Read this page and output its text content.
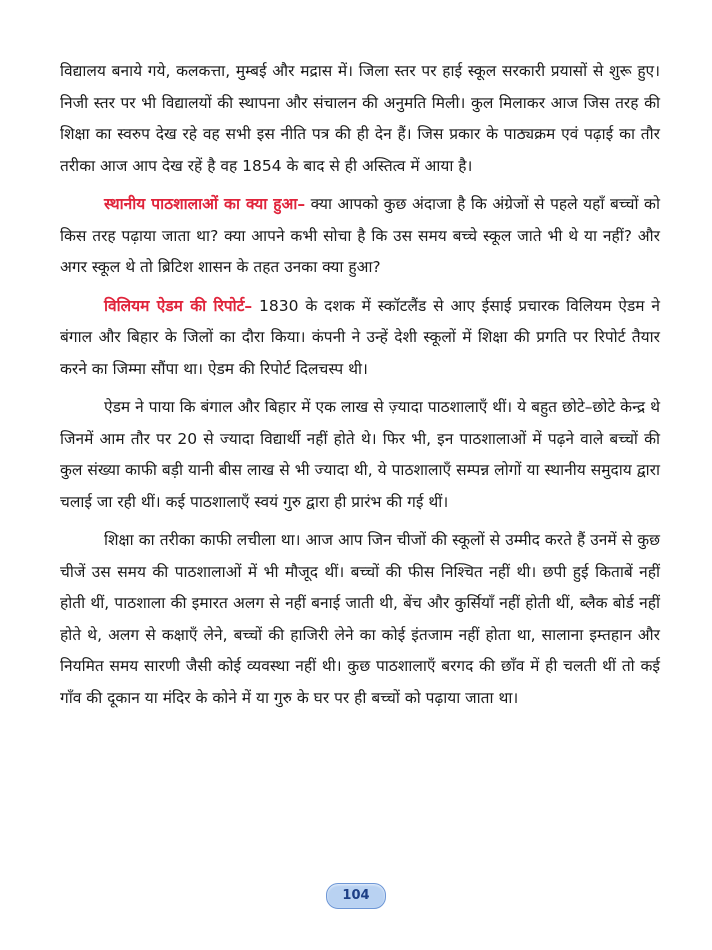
विद्यालय बनाये गये, कलकत्ता, मुम्बई और मद्रास में। जिला स्तर पर हाई स्कूल सरकारी प्रयासों से शुरू हुए। निजी स्तर पर भी विद्यालयों की स्थापना और संचालन की अनुमति मिली। कुल मिलाकर आज जिस तरह की शिक्षा का स्वरुप देख रहे वह सभी इस नीति पत्र की ही देन हैं। जिस प्रकार के पाठ्यक्रम एवं पढ़ाई का तौर तरीका आज आप देख रहें है वह 1854 के बाद से ही अस्तित्व में आया है।

स्थानीय पाठशालाओं का क्या हुआ– क्या आपको कुछ अंदाजा है कि अंग्रेजों से पहले यहाँ बच्चों को किस तरह पढ़ाया जाता था? क्या आपने कभी सोचा है कि उस समय बच्चे स्कूल जाते भी थे या नहीं? और अगर स्कूल थे तो ब्रिटिश शासन के तहत उनका क्या हुआ?

विलियम ऐडम की रिपोर्ट– 1830 के दशक में स्कॉटलैंड से आए ईसाई प्रचारक विलियम ऐडम ने बंगाल और बिहार के जिलों का दौरा किया। कंपनी ने उन्हें देशी स्कूलों में शिक्षा की प्रगति पर रिपोर्ट तैयार करने का जिम्मा सौंपा था। ऐडम की रिपोर्ट दिलचस्प थी।

ऐडम ने पाया कि बंगाल और बिहार में एक लाख से ज़्यादा पाठशालाएँ थीं। ये बहुत छोटे–छोटे केन्द्र थे जिनमें आम तौर पर 20 से ज्यादा विद्यार्थी नहीं होते थे। फिर भी, इन पाठशालाओं में पढ़ने वाले बच्चों की कुल संख्या काफी बड़ी यानी बीस लाख से भी ज्यादा थी, ये पाठशालाएँ सम्पन्न लोगों या स्थानीय समुदाय द्वारा चलाई जा रही थीं। कई पाठशालाएँ स्वयं गुरु द्वारा ही प्रारंभ की गई थीं।

शिक्षा का तरीका काफी लचीला था। आज आप जिन चीजों की स्कूलों से उम्मीद करते हैं उनमें से कुछ चीजें उस समय की पाठशालाओं में भी मौजूद थीं। बच्चों की फीस निश्चित नहीं थी। छपी हुई किताबें नहीं होती थीं, पाठशाला की इमारत अलग से नहीं बनाई जाती थी, बेंच और कुर्सियाँ नहीं होती थीं, ब्लैक बोर्ड नहीं होते थे, अलग से कक्षाएँ लेने, बच्चों की हाजिरी लेने का कोई इंतजाम नहीं होता था, सालाना इम्तहान और नियमित समय सारणी जैसी कोई व्यवस्था नहीं थी। कुछ पाठशालाएँ बरगद की छाँव में ही चलती थीं तो कई गाँव की दूकान या मंदिर के कोने में या गुरु के घर पर ही बच्चों को पढ़ाया जाता था।

104
